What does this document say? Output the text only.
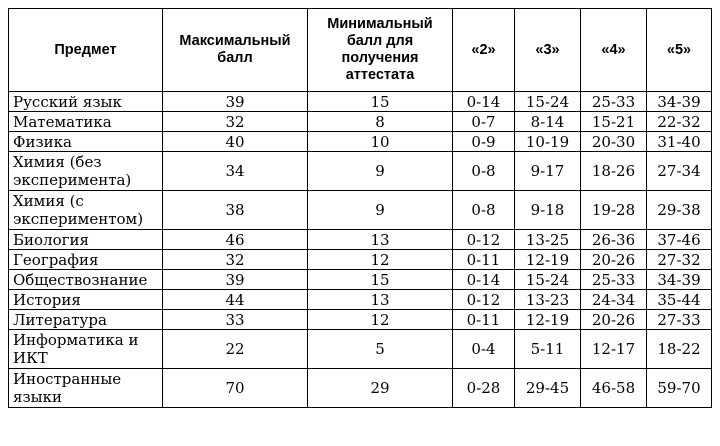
Предмет	Максимальный балл	Минимальный балл для получения аттестата	«2»	«3»	«4»	«5»
Русский язык	39	15	0-14	15-24	25-33	34-39
Математика	32	8	0-7	8-14	15-21	22-32
Физика	40	10	0-9	10-19	20-30	31-40
Химия (без эксперимента)	34	9	0-8	9-17	18-26	27-34
Химия (с экспериментом)	38	9	0-8	9-18	19-28	29-38
Биология	46	13	0-12	13-25	26-36	37-46
География	32	12	0-11	12-19	20-26	27-32
Обществознание	39	15	0-14	15-24	25-33	34-39
История	44	13	0-12	13-23	24-34	35-44
Литература	33	12	0-11	12-19	20-26	27-33
Информатика и ИКТ	22	5	0-4	5-11	12-17	18-22
Иностранные языки	70	29	0-28	29-45	46-58	59-70
